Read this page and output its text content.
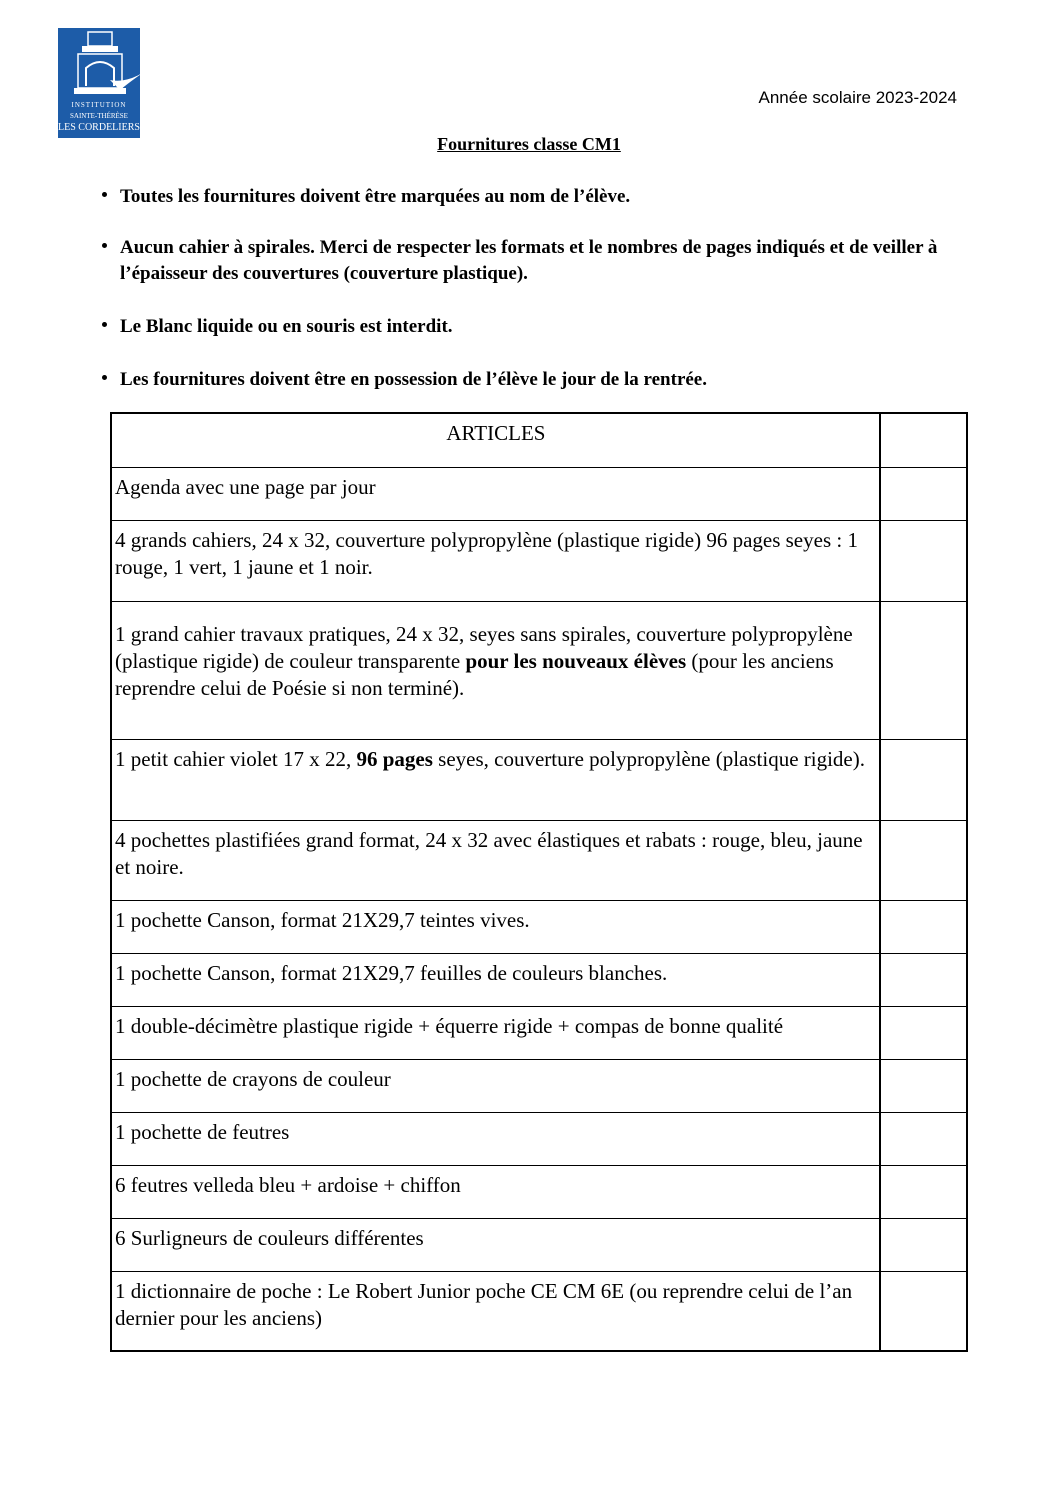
INSTITUTION
SAINTE-THÉRÈSE
LES CORDELIERS
Année scolaire 2023-2024
Fournitures classe CM1
Toutes les fournitures doivent être marquées au nom de l’élève.
Aucun cahier à spirales. Merci de respecter les formats et le nombres de pages indiqués et de veiller à l’épaisseur des couvertures (couverture plastique).
Le Blanc liquide ou en souris est interdit.
Les fournitures doivent être en possession de l’élève le jour de la rentrée.
ARTICLES	
Agenda avec une page par jour	
4 grands cahiers, 24 x 32, couverture polypropylène (plastique rigide) 96 pages seyes : 1 rouge, 1 vert, 1 jaune et 1 noir.	
1 grand cahier travaux pratiques, 24 x 32, seyes sans spirales, couverture polypropylène (plastique rigide) de couleur transparente pour les nouveaux élèves (pour les anciens reprendre celui de Poésie si non terminé).	
1 petit cahier violet 17 x 22, 96 pages seyes, couverture polypropylène (plastique rigide).	
4 pochettes plastifiées grand format, 24 x 32 avec élastiques et rabats : rouge, bleu, jaune et noire.	
1 pochette Canson, format 21X29,7 teintes vives.	
1 pochette Canson, format 21X29,7 feuilles de couleurs blanches.	
1 double-décimètre plastique rigide + équerre rigide + compas de bonne qualité	
1 pochette de crayons de couleur	
1 pochette de feutres	
6 feutres velleda bleu + ardoise + chiffon	
6 Surligneurs de couleurs différentes	
1 dictionnaire de poche : Le Robert Junior poche CE CM 6E (ou reprendre celui de l’an dernier pour les anciens)	
